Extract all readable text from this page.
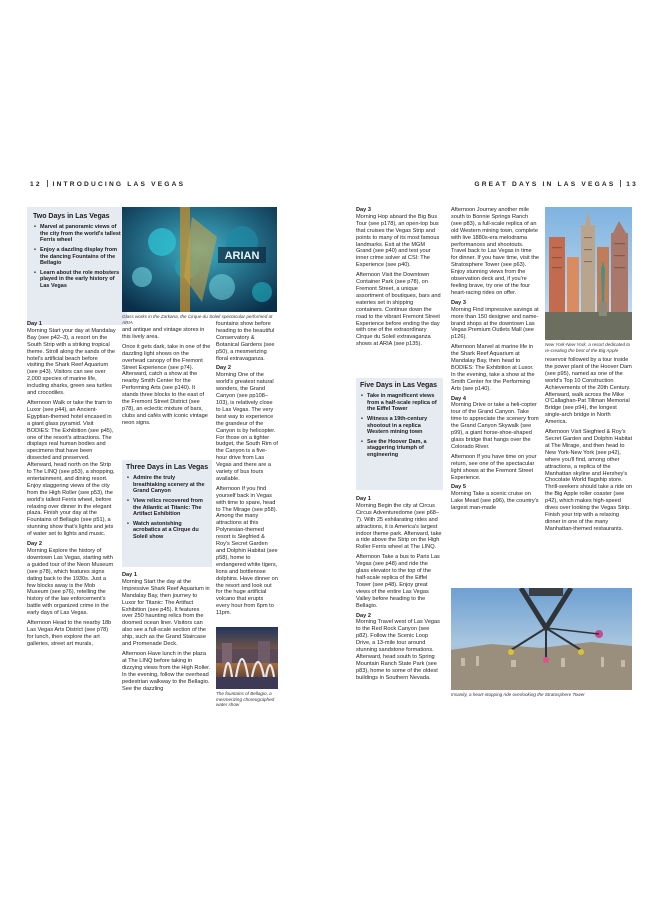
12 INTRODUCING LAS VEGAS	GREAT DAYS IN LAS VEGAS 13
Two Days in Las Vegas
• Marvel at panoramic views of the city from the world's tallest Ferris wheel
• Enjoy a dazzling display from the dancing Fountains of the Bellagio
• Learn about the role mobsters played in the early history of Las Vegas
ARIAN
Glass works in the Zarkana, the Cirque du Soleil spectacular performed at ARIA
Day 1

Morning Start your day at Mandalay Bay (see p42–3), a resort on the South Strip with a striking tropical theme. Stroll along the sands of the hotel's artificial beach before visiting the Shark Reef Aquarium (see p43). Visitors can see over 2,000 species of marine life, including sharks, green sea turtles and crocodiles.

Afternoon Walk or take the tram to Luxor (see p44), an Ancient-Egyptian-themed hotel encased in a giant glass pyramid. Visit BODIES: The Exhibition (see p45), one of the resort's attractions. The displays real human bodies and specimens that have been dissected and preserved. Afterward, head north on the Strip to The LINQ (see p53), a shopping, entertainment, and dining resort. Enjoy staggering views of the city from the High Roller (see p53), the world's tallest Ferris wheel, before relaxing over dinner in the elegant plaza. Finish your day at the Fountains of Bellagio (see p51), a stunning show that's lights and jets of water set to lights and music.

Day 2

Morning Explore the history of downtown Las Vegas, starting with a guided tour of the Neon Museum (see p78), which features signs dating back to the 1930s. Just a few blocks away is the Mob Museum (see p76), retelling the history of the law enforcement's battle with organized crime in the early days of Las Vegas.

Afternoon Head to the nearby 18b Las Vegas Arts District (see p78) for lunch, then explore the art galleries, street art murals,

and antique and vintage stores in this lively area.

Once it gets dark, take in one of the dazzling light shows on the overhead canopy of the Fremont Street Experience (see p74). Afterward, catch a show at the nearby Smith Center for the Performing Arts (see p140). It stands three blocks to the east of the Fremont Street District (see p78), an eclectic mixture of bars, clubs and cafés with iconic vintage neon signs.

Three Days in Las Vegas
• Admire the truly breathtaking scenery at the Grand Canyon
• View relics recovered from the Atlantic at Titanic: The Artifact Exhibition
• Watch astonishing acrobatics at a Cirque du Soleil show
Day 1

Morning Start the day at the Impressive Shark Reef Aquarium in Mandalay Bay, then journey to Luxor for Titanic: The Artifact Exhibition (see p45). It features over 250 haunting relics from the doomed ocean liner. Visitors can also see a full-scale section of the ship, such as the Grand Staircase and Promenade Deck.

Afternoon Have lunch in the plaza at The LINQ before taking in dizzying views from the High Roller. In the evening, follow the overhead pedestrian walkway to the Bellagio. See the dazzling

fountains show before heading to the beautiful Conservatory & Botanical Gardens (see p50), a mesmerizing floral extravaganza.

Day 2

Morning One of the world's greatest natural wonders, the Grand Canyon (see pp108–103), is relatively close to Las Vegas. The very best way to experience the grandeur of the Canyon is by helicopter. For those on a tighter budget, the South Rim of the Canyon is a five-hour drive from Las Vegas and there are a variety of bus tours available.

Afternoon If you find yourself back in Vegas with time to spare, head to The Mirage (see p58). Among the many attractions at this Polynesian-themed resort is Siegfried & Roy's Secret Garden and Dolphin Habitat (see p58), home to endangered white tigers, lions and bottlenose dolphins. Have dinner on the resort and look out for the huge artificial volcano that erupts every hour from 6pm to 11pm.

The fountains of Bellagio, a mesmerizing choreographed water show
Day 3

Morning Hop aboard the Big Bus Tour (see p178), an open-top bus that cruises the Vegas Strip and points to many of its most famous landmarks. Exit at the MGM Grand (see p40) and test your inner crime solver at CSI: The Experience (see p40).

Afternoon Visit the Downtown Container Park (see p78), on Fremont Street, a unique assortment of boutiques, bars and eateries set in shipping containers. Continue down the road to the vibrant Fremont Street Experience before ending the day with one of the extraordinary Cirque du Soleil extravaganza shows at ARIA (see p135).

Five Days in Las Vegas
• Take in magnificent views from a half-scale replica of the Eiffel Tower
• Witness a 19th-century shootout in a replica Western mining town
• See the Hoover Dam, a staggering triumph of engineering
Day 1

Morning Begin the city at Circus Circus Adventuredome (see p68–7). With 25 exhilarating rides and attractions, it is America's largest indoor theme park. Afterward, take a ride above the Strip on the High Roller Ferris wheel at The LINQ.

Afternoon Take a bus to Paris Las Vegas (see p48) and ride the glass elevator to the top of the half-scale replica of the Eiffel Tower (see p48). Enjoy great views of the entire Las Vegas Valley before heading to the Bellagio.

Day 2

Morning Travel west of Las Vegas to the Red Rock Canyon (see p82). Follow the Scenic Loop Drive, a 13-mile tour around stunning sandstone formations. Afterward, head south to Spring Mountain Ranch State Park (see p83), home to some of the oldest buildings in Southern Nevada.

Afternoon Journey another mile south to Bonnie Springs Ranch (see p83), a full-scale replica of an old Western mining town, complete with live 1880s-era melodrama performances and shootouts. Travel back to Las Vegas in time for dinner. If you have time, visit the Stratosphere Tower (see p63). Enjoy stunning views from the observation deck and, if you're feeling brave, try one of the four heart-racing rides on offer.

Day 3

Morning Find impressive savings at more than 150 designer and name-brand shops at the downtown Las Vegas Premium Outlets Mall (see p126).

Afternoon Marvel at marine life in the Shark Reef Aquarium at Mandalay Bay, then head to BODIES: The Exhibition at Luxor. In the evening, take a show at the Smith Center for the Performing Arts (see p140).

Day 4

Morning Drive or take a heli-copter tour of the Grand Canyon. Take time to appreciate the scenery from the Grand Canyon Skywalk (see p99), a giant horse-shoe-shaped glass bridge that hangs over the Colorado River.

Afternoon If you have time on your return, see one of the spectacular light shows at the Fremont Street Experience.

Day 5

Morning Take a scenic cruise on Lake Mead (see p96), the country's largest man-made

New York-New York, a resort dedicated to re-creating the best of the Big Apple

reservoir followed by a tour inside the power plant of the Hoover Dam (see p95), named as one of the world's Top 10 Construction Achievements of the 20th Century. Afterward, walk across the Mike O'Callaghan-Pat Tillman Memorial Bridge (see p94), the longest single-arch bridge in North America.

Afternoon Visit Siegfried & Roy's Secret Garden and Dolphin Habitat at The Mirage, and then head to New York-New York (see p42), where you'll find, among other attractions, a replica of the Manhattan skyline and Hershey's Chocolate World flagship store. Thrill-seekers should take a ride on the Big Apple roller coaster (see p42), which makes high-speed dives over looking the Vegas Strip. Finish your trip with a relaxing dinner in one of the many Manhattan-themed restaurants.

Insanity, a heart-stopping ride overlooking the Stratosphere Tower
